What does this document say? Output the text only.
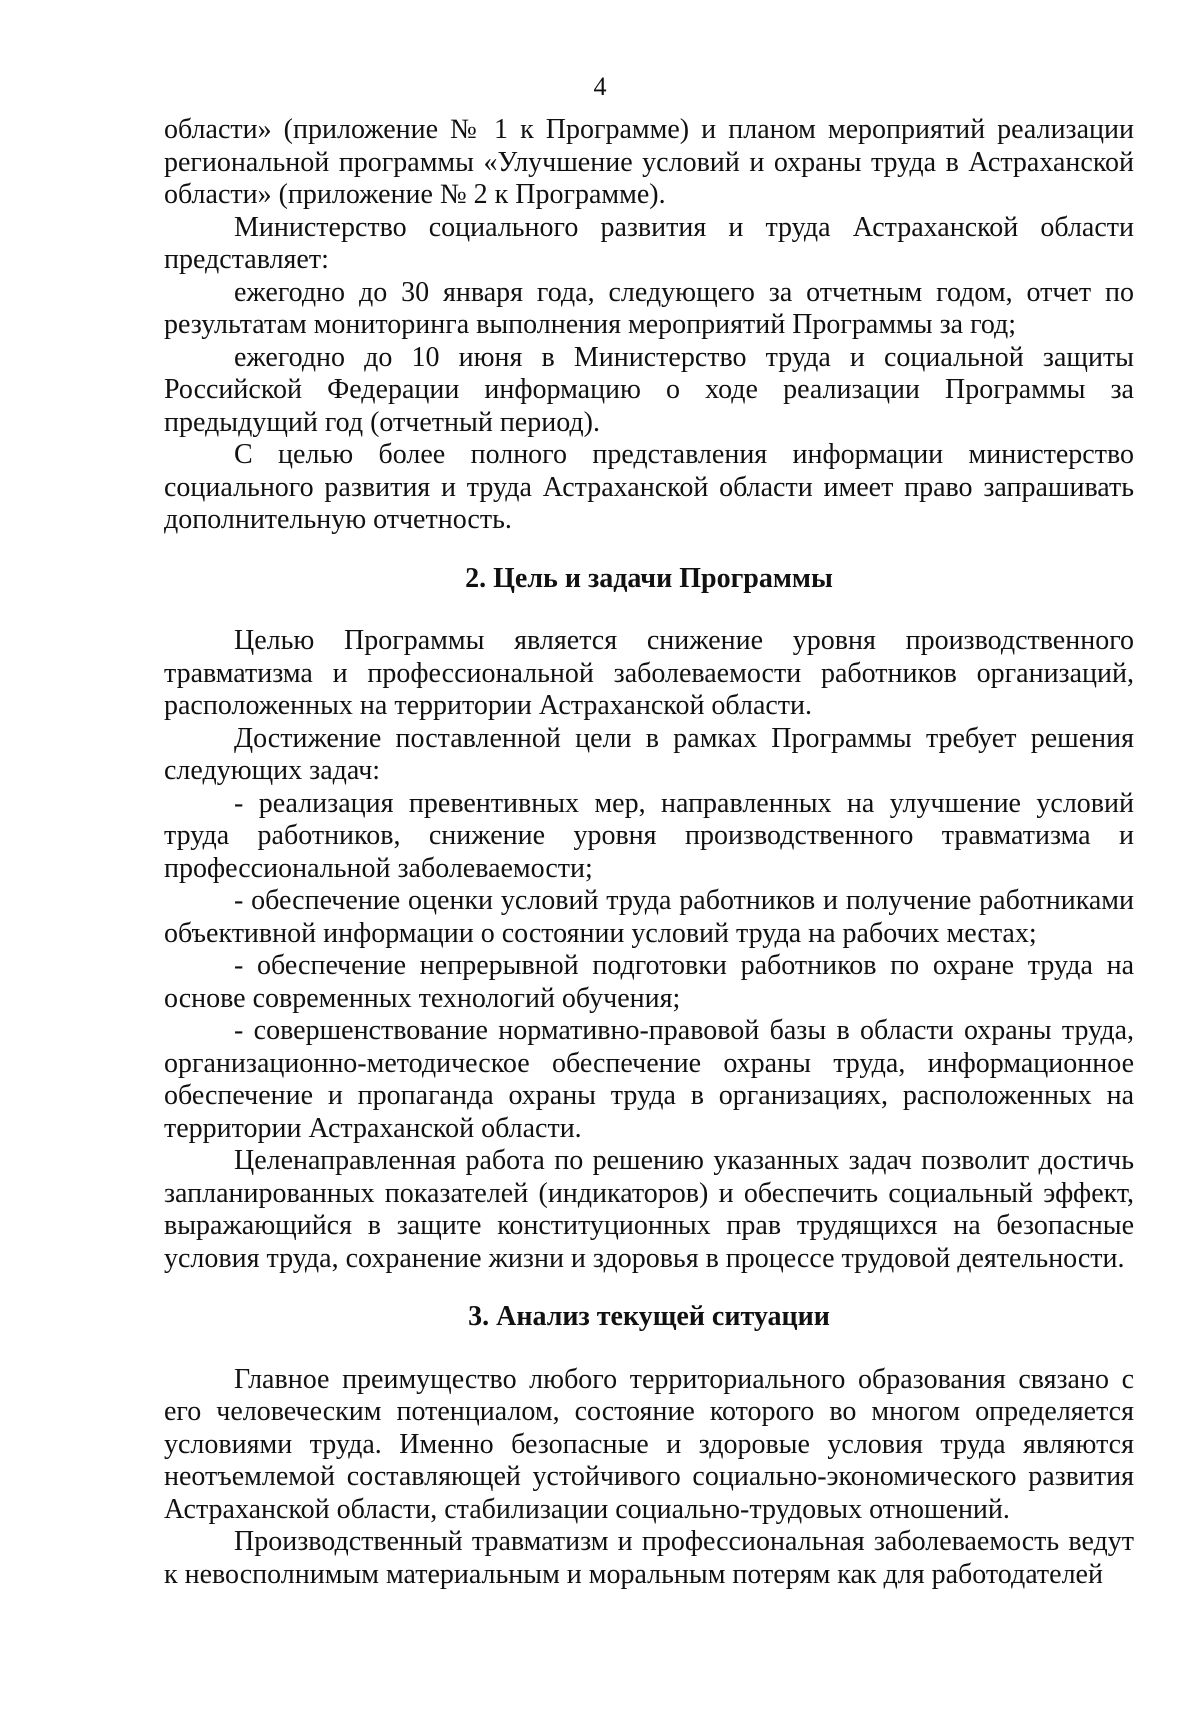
4

области» (приложение № 1 к Программе) и планом мероприятий реализации региональной программы «Улучшение условий и охраны труда в Астраханской области» (приложение № 2 к Программе).

Министерство социального развития и труда Астраханской области представляет:

ежегодно до 30 января года, следующего за отчетным годом, отчет по результатам мониторинга выполнения мероприятий Программы за год;

ежегодно до 10 июня в Министерство труда и социальной защиты Российской Федерации информацию о ходе реализации Программы за предыдущий год (отчетный период).

С целью более полного представления информации министерство социального развития и труда Астраханской области имеет право запрашивать дополнительную отчетность.

2. Цель и задачи Программы

Целью Программы является снижение уровня производственного травматизма и профессиональной заболеваемости работников организаций, расположенных на территории Астраханской области.

Достижение поставленной цели в рамках Программы требует решения следующих задач:

- реализация превентивных мер, направленных на улучшение условий труда работников, снижение уровня производственного травматизма и профессиональной заболеваемости;

- обеспечение оценки условий труда работников и получение работниками объективной информации о состоянии условий труда на рабочих местах;

- обеспечение непрерывной подготовки работников по охране труда на основе современных технологий обучения;

- совершенствование нормативно-правовой базы в области охраны труда, организационно-методическое обеспечение охраны труда, информационное обеспечение и пропаганда охраны труда в организациях, расположенных на территории Астраханской области.

Целенаправленная работа по решению указанных задач позволит достичь запланированных показателей (индикаторов) и обеспечить социальный эффект, выражающийся в защите конституционных прав трудящихся на безопасные условия труда, сохранение жизни и здоровья в процессе трудовой деятельности.

3. Анализ текущей ситуации

Главное преимущество любого территориального образования связано с его человеческим потенциалом, состояние которого во многом определяется условиями труда. Именно безопасные и здоровые условия труда являются неотъемлемой составляющей устойчивого социально-экономического развития Астраханской области, стабилизации социально-трудовых отношений.

Производственный травматизм и профессиональная заболеваемость ведут к невосполнимым материальным и моральным потерям как для работодателей
